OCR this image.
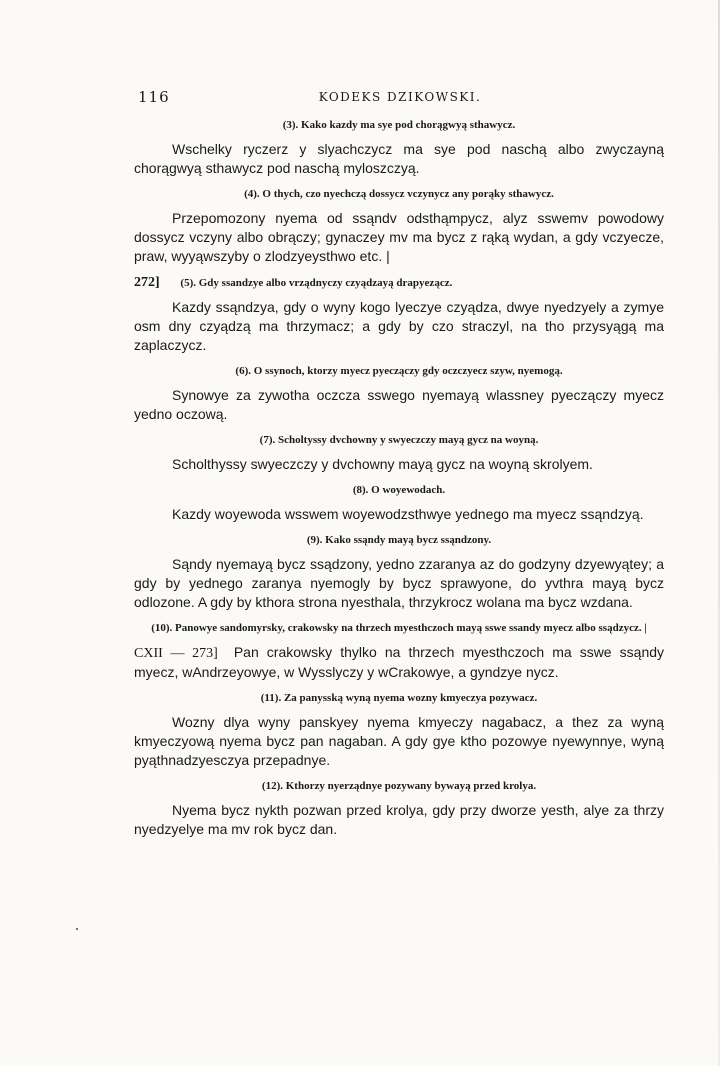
116	KODEKS DZIKOWSKI.

(3). Kako kazdy ma sye pod chorągwyą sthawycz.

Wschelky ryczerz y slyachczycz ma sye pod naschą albo zwyczayną chorągwyą sthawycz pod naschą myloszczyą.

(4). O thych, czo nyechczą dossycz vczynycz any porąky sthawycz.

Przepomozony nyema od ssąndv odsthąmpycz, alyz sswemv powodowy dossycz vczyny albo obrączy; gynaczey mv ma bycz z rąką wydan, a gdy vczyecze, praw, wyyąwszyby o zlodzyeysthwo etc. |

272] (5). Gdy ssandzye albo vrządnyczy czyądzayą drapyezącz.

Kazdy ssąndzya, gdy o wyny kogo lyeczye czyądza, dwye nyedzyely a zymye osm dny czyądzą ma thrzymacz; a gdy by czo straczyl, na tho przysyągą ma zaplaczycz.

(6). O ssynoch, ktorzy myecz pyeczączy gdy oczczyecz szyw, nyemogą.

Synowye za zywotha oczcza sswego nyemayą wlassney pyeczączy myecz yedno oczową.

(7). Scholtyssy dvchowny y swyeczczy mayą gycz na woyną.

Scholthyssy swyeczczy y dvchowny mayą gycz na woyną skrolyem.

(8). O woyewodach.

Kazdy woyewoda wsswem woyewodzsthwye yednego ma myecz ssąndzyą.

(9). Kako ssąndy mayą bycz ssąndzony.

Sąndy nyemayą bycz ssądzony, yedno zzaranya az do godzyny dzyewyątey; a gdy by yednego zaranya nyemogly by bycz sprawyone, do yvthra mayą bycz odlozone. A gdy by kthora strona nyesthala, thrzykrocz wolana ma bycz wzdana.

(10). Panowye sandomyrsky, crakowsky na thrzech myesthczoch mayą sswe ssandy myecz albo ssądzycz. |

CXII — 273] Pan crakowsky thylko na thrzech myesthczoch ma sswe ssąndy myecz, wAndrzeyowye, w Wysslyczy y wCrakowye, a gyndzye nycz.

(11). Za panysską wyną nyema wozny kmyeczya pozywacz.

Wozny dlya wyny panskyey nyema kmyeczy nagabacz, a thez za wyną kmyeczyową nyema bycz pan nagaban. A gdy gye ktho pozowye nyewynnye, wyną pyąthnadzyesczya przepadnye.

(12). Kthorzy nyerządnye pozywany bywayą przed krolya.

Nyema bycz nykth pozwan przed krolya, gdy przy dworze yesth, alye za thrzy nyedzyelye ma mv rok bycz dan.
